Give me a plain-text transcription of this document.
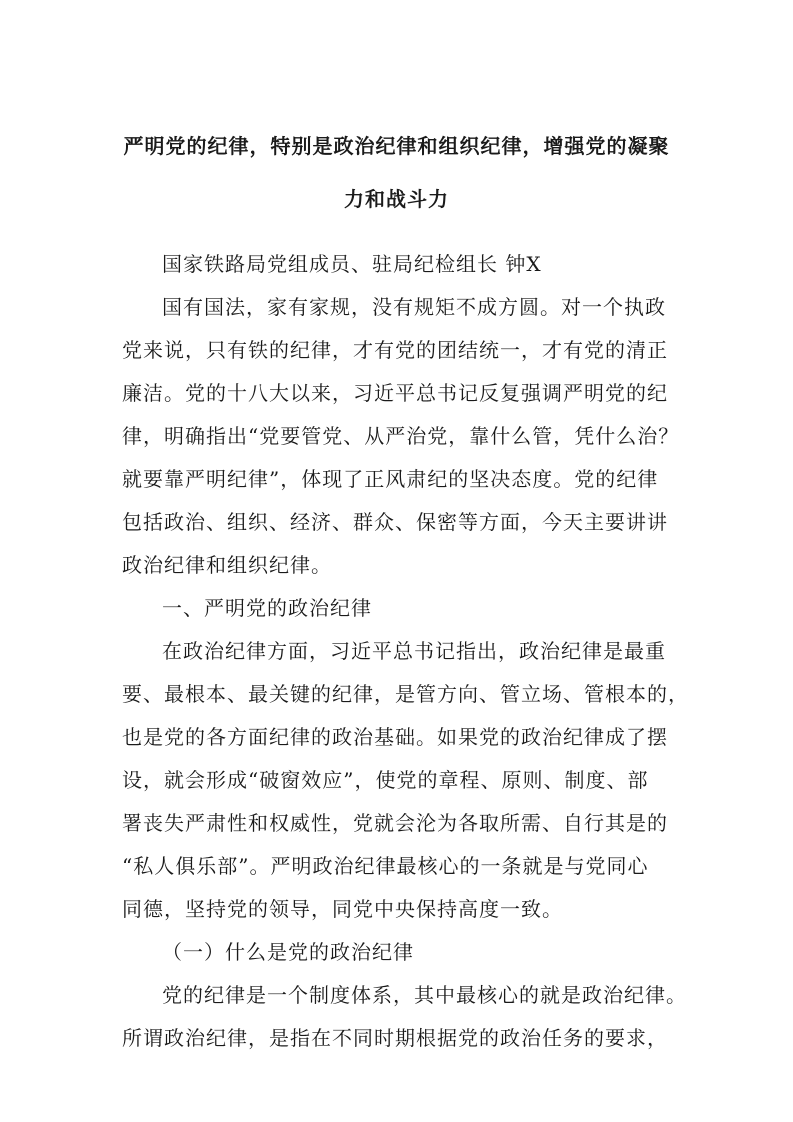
严明党的纪律，特别是政治纪律和组织纪律，增强党的凝聚
力和战斗力
国家铁路局党组成员、驻局纪检组长 钟X
国有国法，家有家规，没有规矩不成方圆。对一个执政
党来说，只有铁的纪律，才有党的团结统一，才有党的清正
廉洁。党的十八大以来，习近平总书记反复强调严明党的纪
律，明确指出“党要管党、从严治党，靠什么管，凭什么治？
就要靠严明纪律”，体现了正风肃纪的坚决态度。党的纪律
包括政治、组织、经济、群众、保密等方面，今天主要讲讲
政治纪律和组织纪律。
一、严明党的政治纪律
在政治纪律方面，习近平总书记指出，政治纪律是最重
要、最根本、最关键的纪律，是管方向、管立场、管根本的，
也是党的各方面纪律的政治基础。如果党的政治纪律成了摆
设，就会形成“破窗效应”，使党的章程、原则、制度、部
署丧失严肃性和权威性，党就会沦为各取所需、自行其是的
“私人俱乐部”。严明政治纪律最核心的一条就是与党同心
同德，坚持党的领导，同党中央保持高度一致。
（一）什么是党的政治纪律
党的纪律是一个制度体系，其中最核心的就是政治纪律。
所谓政治纪律，是指在不同时期根据党的政治任务的要求，
